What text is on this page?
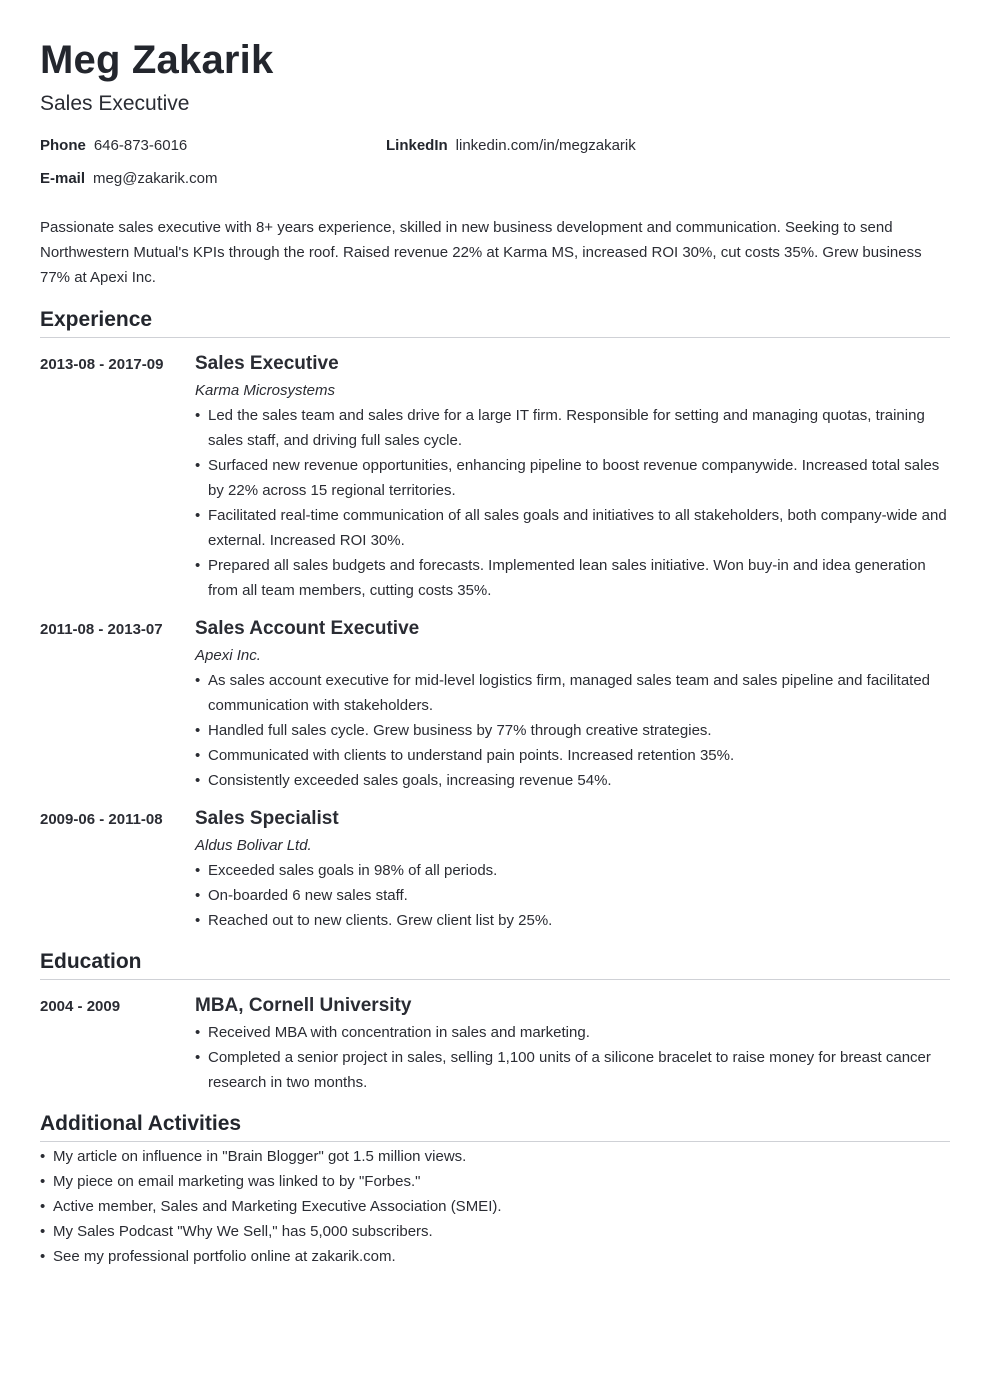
Meg Zakarik
Sales Executive
Phone 646-873-6016	LinkedIn linkedin.com/in/megzakarik
E-mail meg@zakarik.com
Passionate sales executive with 8+ years experience, skilled in new business development and communication. Seeking to send Northwestern Mutual's KPIs through the roof. Raised revenue 22% at Karma MS, increased ROI 30%, cut costs 35%. Grew business 77% at Apexi Inc.
Experience
2013-08 - 2017-09	Sales Executive
Karma Microsystems
• Led the sales team and sales drive for a large IT firm. Responsible for setting and managing quotas, training sales staff, and driving full sales cycle.
• Surfaced new revenue opportunities, enhancing pipeline to boost revenue companywide. Increased total sales by 22% across 15 regional territories.
• Facilitated real-time communication of all sales goals and initiatives to all stakeholders, both company-wide and external. Increased ROI 30%.
• Prepared all sales budgets and forecasts. Implemented lean sales initiative. Won buy-in and idea generation from all team members, cutting costs 35%.
2011-08 - 2013-07	Sales Account Executive
Apexi Inc.
• As sales account executive for mid-level logistics firm, managed sales team and sales pipeline and facilitated communication with stakeholders.
• Handled full sales cycle. Grew business by 77% through creative strategies.
• Communicated with clients to understand pain points. Increased retention 35%.
• Consistently exceeded sales goals, increasing revenue 54%.
2009-06 - 2011-08	Sales Specialist
Aldus Bolivar Ltd.
• Exceeded sales goals in 98% of all periods.
• On-boarded 6 new sales staff.
• Reached out to new clients. Grew client list by 25%.
Education
2004 - 2009	MBA, Cornell University
• Received MBA with concentration in sales and marketing.
• Completed a senior project in sales, selling 1,100 units of a silicone bracelet to raise money for breast cancer research in two months.
Additional Activities
• My article on influence in "Brain Blogger" got 1.5 million views.
• My piece on email marketing was linked to by "Forbes."
• Active member, Sales and Marketing Executive Association (SMEI).
• My Sales Podcast "Why We Sell," has 5,000 subscribers.
• See my professional portfolio online at zakarik.com.
